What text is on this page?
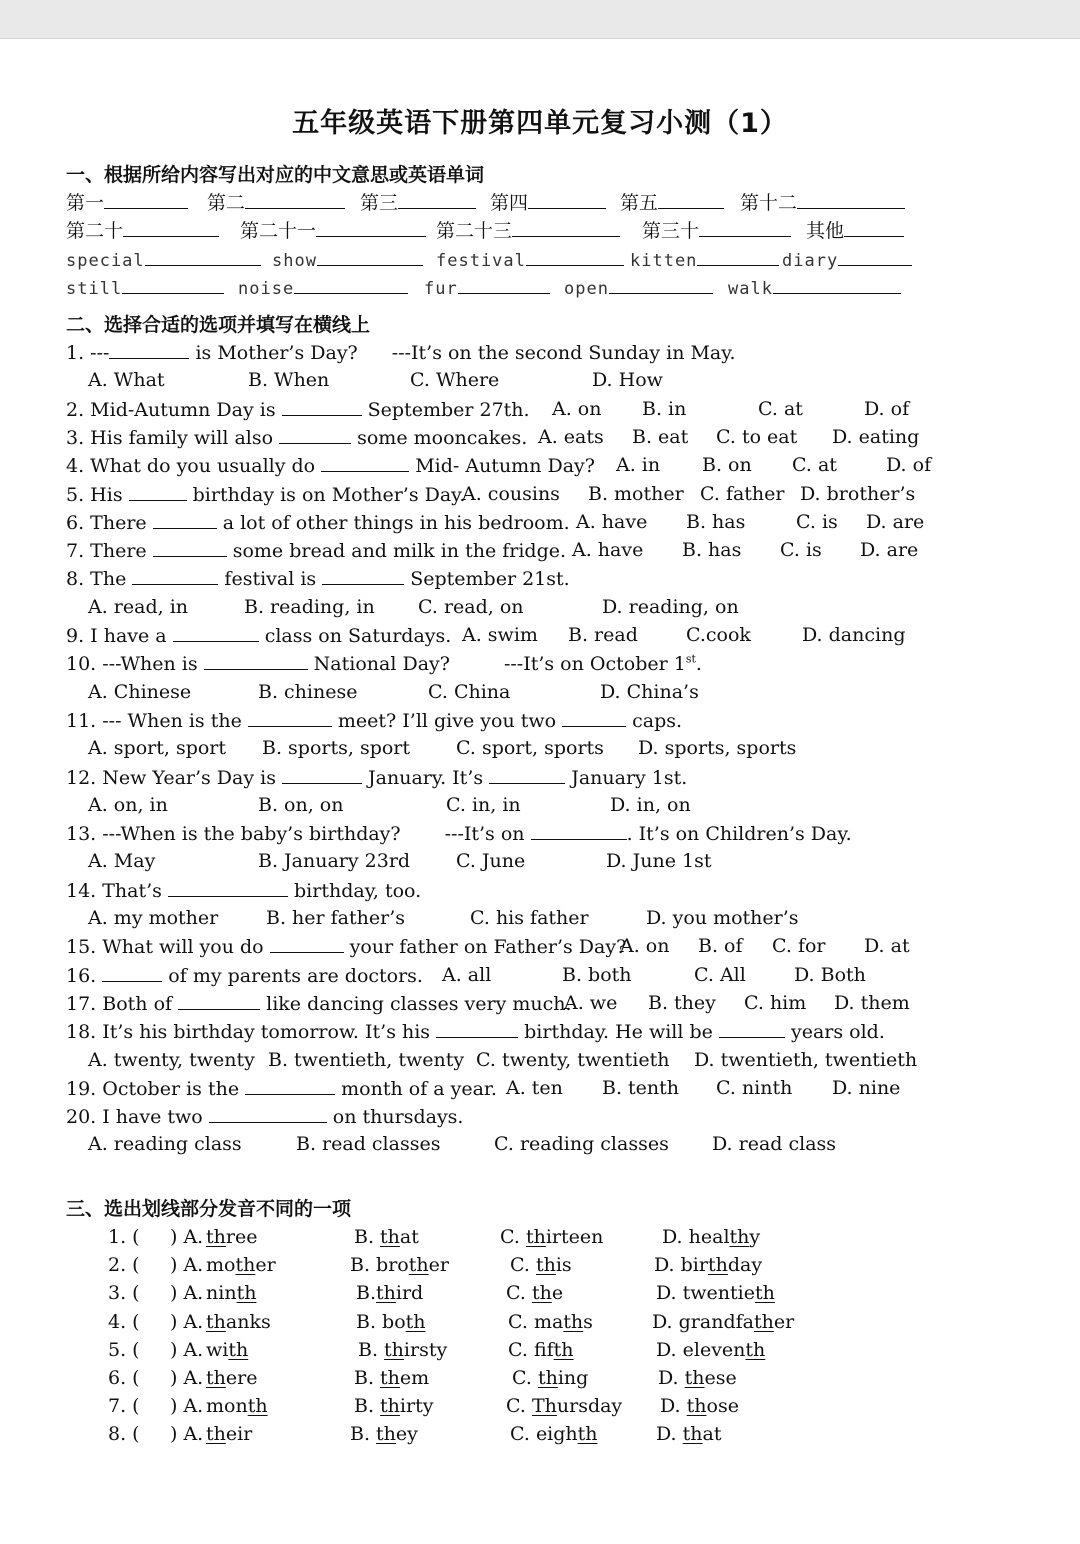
五年级英语下册第四单元复习小测（1）
一、根据所给内容写出对应的中文意思或英语单词
第一	第二	第三	第四	第五	第十二
第二十	第二十一	第二十三	第三十	其他
special	show	festival	kitten	diary
still	noise	fur	open	walk
二、选择合适的选项并填写在横线上
1. ---	is Mother’s Day? ---It’s on the second Sunday in May.
A. What	B. When	C. Where	D. How
2. Mid-Autumn Day is	September 27th. A. on B. in	C. at	D. of
3. His family will also	some mooncakes. A. eats B. eat C. to eat D. eating
4. What do you usually do	Mid- Autumn Day? A. in B. on C. at	D. of
5. His	birthday is on Mother’s Day.
A. cousins B. mother C. father D. brother’s
6. There	a lot of other things in his bedroom. A. have B. has	C. is D. are
7. There	some bread and milk in the fridge. A. have B. has C. is D. are
8. The	festival is	September 21st.
A. read, in	B. reading, in C. read, on	D. reading, on
9. I have a	class on Saturdays. A. swim B. read	C.cook	D. dancing
10. ---When is	National Day?	---It’s on October 1st.
A. Chinese	B. chinese	C. China	D. China’s
11. --- When is the	meet? I’ll give you two	caps.
A. sport, sport B. sports, sport C. sport, sports D. sports, sports
12. New Year’s Day is	January. It’s	January 1st.
A. on, in	B. on, on	C. in, in	D. in, on
13. ---When is the baby’s birthday? ---It’s on	. It’s on Children’s Day.
A. May	B. January 23rd C. June	D. June 1st
14. That’s	birthday, too.
A. my mother	B. her father’s	C. his father	D. you mother’s
15. What will you do	your father on Father’s Day?
A. on B. of C. for D. at
16.	of my parents are doctors. A. all	B. both	C. All	D. Both
17. Both of	like dancing classes very much.
A. we B. they C. him D. them
18. It’s his birthday tomorrow. It’s his	birthday. He will be	years old.
A. twenty, twenty B. twentieth, twenty C. twenty, twentieth D. twentieth, twentieth
19. October is the	month of a year. A. ten B. tenth C. ninth D. nine
20. I have two	on thursdays.
A. reading class	B. read classes	C. reading classes D. read class
三、选出划线部分发音不同的一项
1. ( ) A. three	B. that	C. thirteen	D. healthy
2. ( ) A. mother	B. brother	C. this	D. birthday
3. ( ) A. ninth	B.third	C. the	D. twentieth
4. ( ) A. thanks	B. both	C. maths	D. grandfather
5. ( ) A. with	B. thirsty	C. fifth	D. eleventh
6. ( ) A. there	B. them	C. thing	D. these
7. ( ) A. month	B. thirty	C. Thursday D. those
8. ( ) A. their	B. they	C. eighth	D. that
